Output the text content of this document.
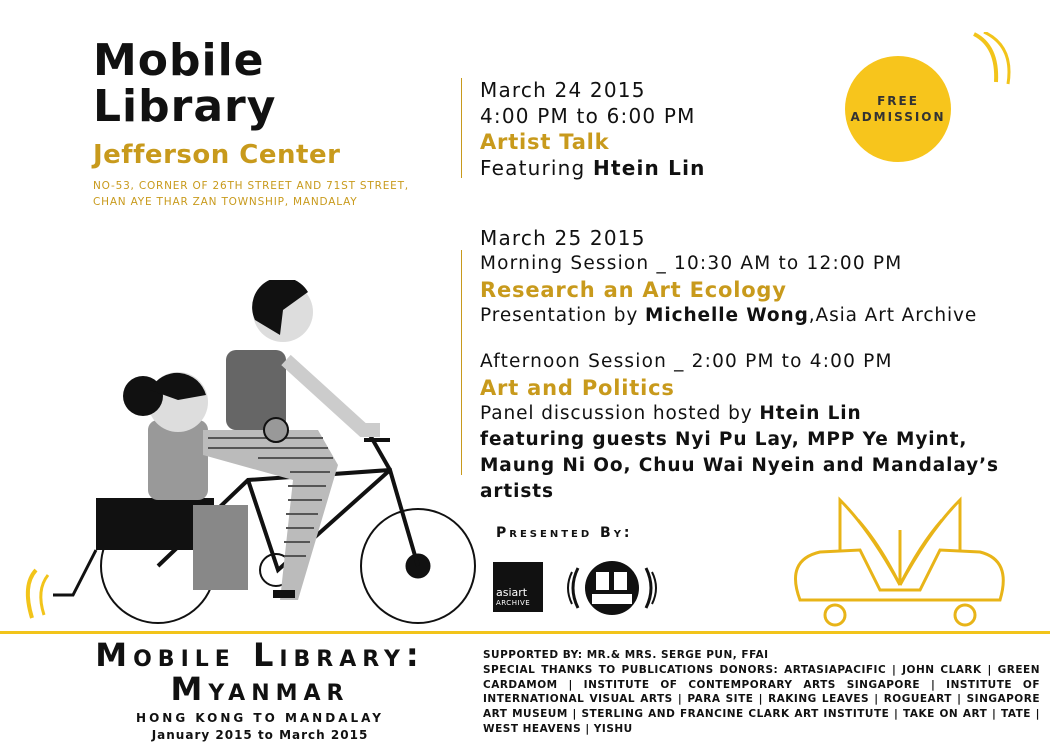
Mobile
Library
Jefferson Center
NO-53, CORNER OF 26TH STREET AND 71ST STREET,
CHAN AYE THAR ZAN TOWNSHIP, MANDALAY
FREE
ADMISSION
March 24 2015
4:00 PM to 6:00 PM
Artist Talk
Featuring Htein Lin
March 25 2015
Morning Session _ 10:30 AM to 12:00 PM
Research an Art Ecology
Presentation by Michelle Wong,Asia Art Archive
Afternoon Session _ 2:00 PM to 4:00 PM
Art and Politics
Panel discussion hosted by Htein Lin
featuring guests Nyi Pu Lay, MPP Ye Myint, Maung Ni Oo, Chuu Wai Nyein and Mandalay’s artists
Presented By:
asiart
ARCHIVE
Mobile Library:
Myanmar
HONG KONG TO MANDALAY
January 2015 to March 2015
SUPPORTED BY: MR.& MRS. SERGE PUN, FFAI
SPECIAL THANKS TO PUBLICATIONS DONORS: ARTASIAPACIFIC | JOHN CLARK | GREEN CARDAMOM | INSTITUTE OF CONTEMPORARY ARTS SINGAPORE | INSTITUTE OF INTERNATIONAL VISUAL ARTS | PARA SITE | RAKING LEAVES | ROGUEART | SINGAPORE ART MUSEUM | STERLING AND FRANCINE CLARK ART INSTITUTE | TAKE ON ART | TATE | WEST HEAVENS | YISHU
